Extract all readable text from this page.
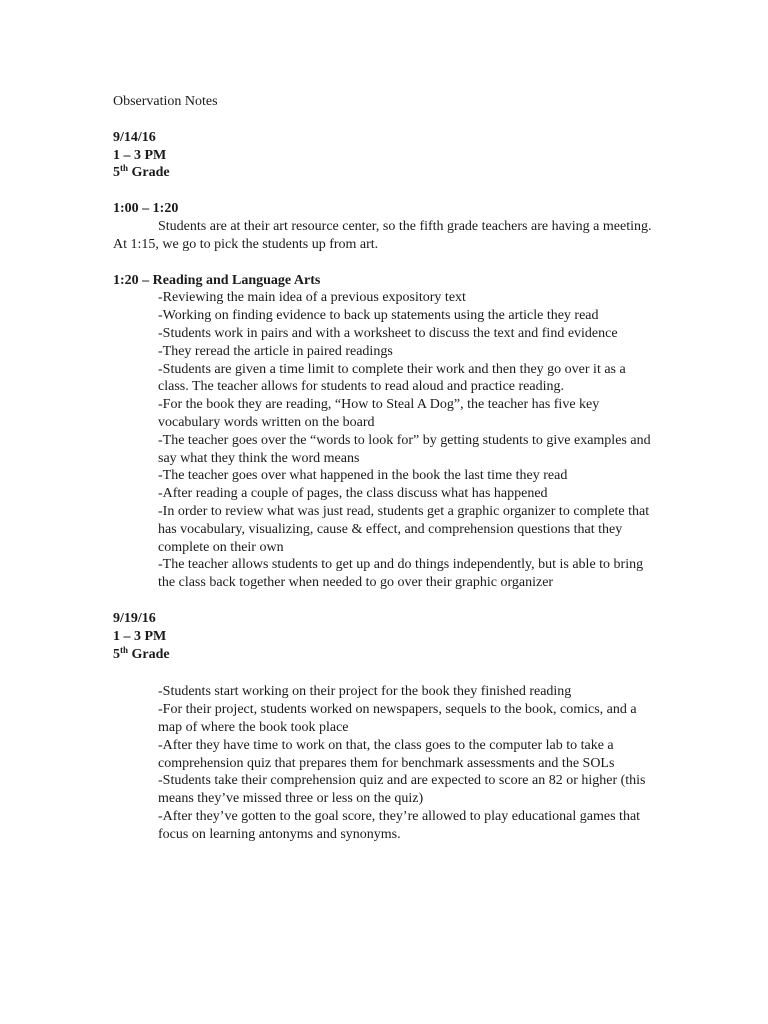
Observation Notes

9/14/16
1 – 3 PM
5th Grade
1:00 – 1:20

Students are at their art resource center, so the fifth grade teachers are having a meeting. At 1:15, we go to pick the students up from art.

1:20 – Reading and Language Arts
-Reviewing the main idea of a previous expository text
-Working on finding evidence to back up statements using the article they read
-Students work in pairs and with a worksheet to discuss the text and find evidence
-They reread the article in paired readings
-Students are given a time limit to complete their work and then they go over it as a class. The teacher allows for students to read aloud and practice reading.
-For the book they are reading, “How to Steal A Dog”, the teacher has five key vocabulary words written on the board
-The teacher goes over the “words to look for” by getting students to give examples and say what they think the word means
-The teacher goes over what happened in the book the last time they read
-After reading a couple of pages, the class discuss what has happened
-In order to review what was just read, students get a graphic organizer to complete that has vocabulary, visualizing, cause & effect, and comprehension questions that they complete on their own
-The teacher allows students to get up and do things independently, but is able to bring the class back together when needed to go over their graphic organizer
9/19/16
1 – 3 PM
5th Grade
-Students start working on their project for the book they finished reading
-For their project, students worked on newspapers, sequels to the book, comics, and a map of where the book took place
-After they have time to work on that, the class goes to the computer lab to take a comprehension quiz that prepares them for benchmark assessments and the SOLs
-Students take their comprehension quiz and are expected to score an 82 or higher (this means they’ve missed three or less on the quiz)
-After they’ve gotten to the goal score, they’re allowed to play educational games that focus on learning antonyms and synonyms.
